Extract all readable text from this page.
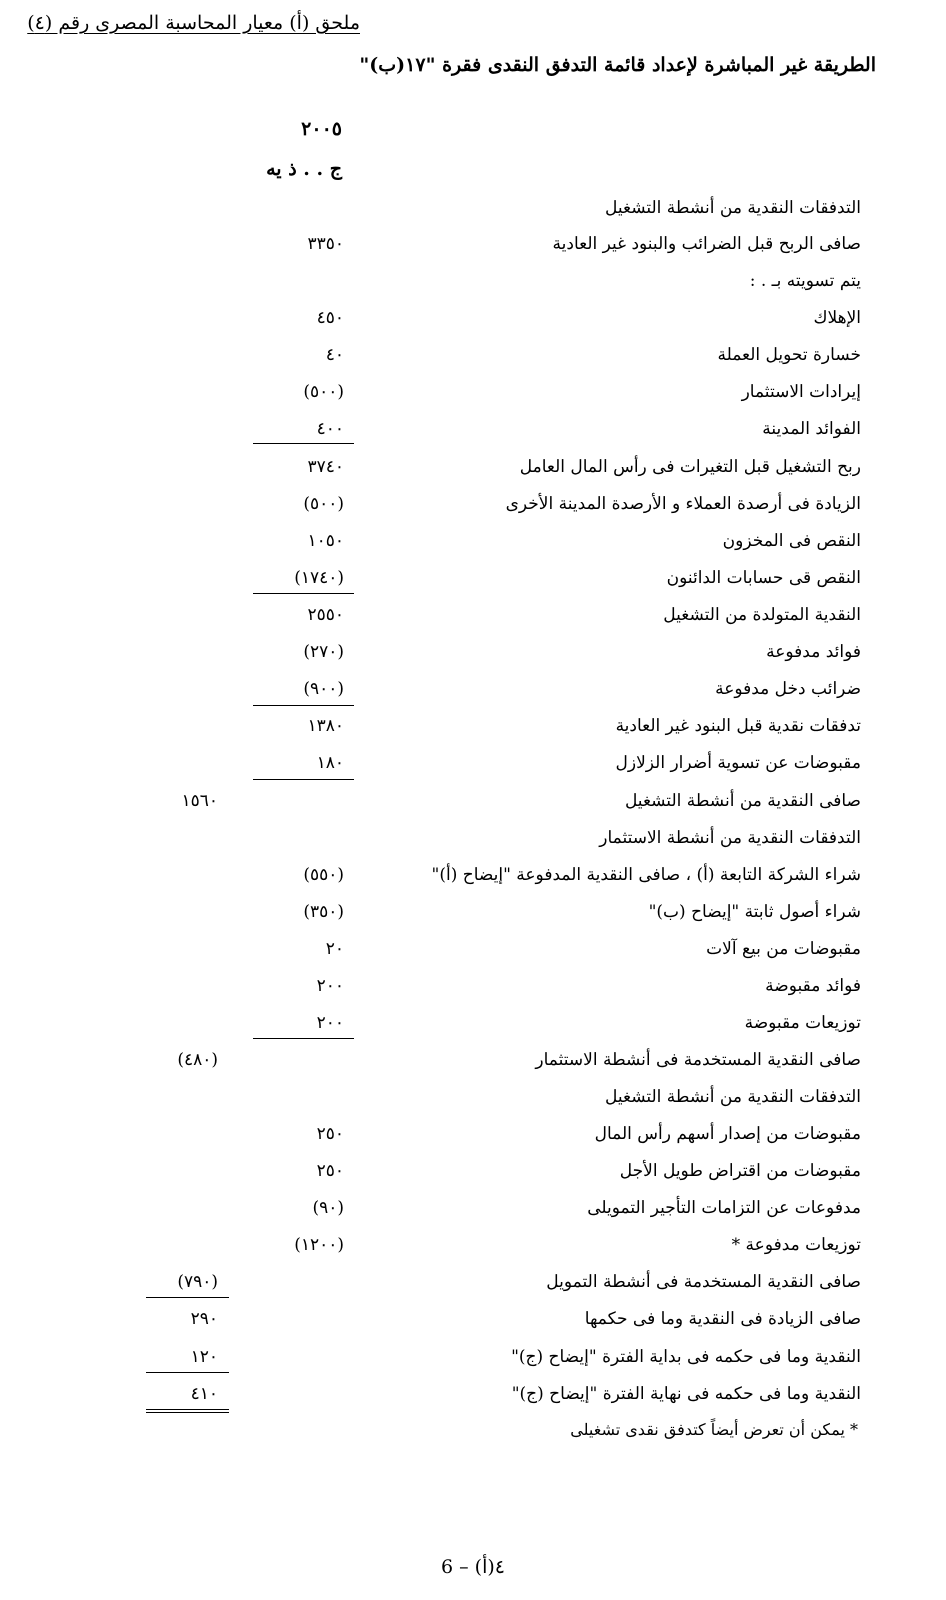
ملحق (أ) معيار المحاسبة المصرى رقم (٤)
الطريقة غير المباشرة لإعداد قائمة التدفق النقدى فقرة "١٧(ب)"
٢٠٠٥
ج . . ذ يه
التدفقات النقدية من أنشطة التشغيل
صافى الربح قبل الضرائب والبنود غير العادية
٣٣٥٠
يتم تسويته بـ . :
الإهلاك
٤٥٠
خسارة تحويل العملة
٤٠
إيرادات الاستثمار
(٥٠٠)
الفوائد المدينة
٤٠٠
ربح التشغيل قبل التغيرات فى رأس المال العامل
٣٧٤٠
الزيادة فى أرصدة العملاء و الأرصدة المدينة الأخرى
(٥٠٠)
النقص فى المخزون
١٠٥٠
النقص قى حسابات الدائنون
(١٧٤٠)
النقدية المتولدة من التشغيل
٢٥٥٠
فوائد مدفوعة
(٢٧٠)
ضرائب دخل مدفوعة
(٩٠٠)
تدفقات نقدية قبل البنود غير العادية
١٣٨٠
مقبوضات عن تسوية أضرار الزلازل
١٨٠
صافى النقدية من أنشطة التشغيل
١٥٦٠
التدفقات النقدية من أنشطة الاستثمار
شراء الشركة التابعة (أ) ، صافى النقدية المدفوعة "إيضاح (أ)"
(٥٥٠)
شراء أصول ثابتة "إيضاح (ب)"
(٣٥٠)
مقبوضات من بيع آلات
٢٠
فوائد مقبوضة
٢٠٠
توزيعات مقبوضة
٢٠٠
صافى النقدية المستخدمة فى أنشطة الاستثمار
(٤٨٠)
التدفقات النقدية من أنشطة التشغيل
مقبوضات من إصدار أسهم رأس المال
٢٥٠
مقبوضات من اقتراض طويل الأجل
٢٥٠
مدفوعات عن التزامات التأجير التمويلى
(٩٠)
توزيعات مدفوعة *
(١٢٠٠)
صافى النقدية المستخدمة فى أنشطة التمويل
(٧٩٠)
صافى الزيادة فى النقدية وما فى حكمها
٢٩٠
النقدية وما فى حكمه فى بداية الفترة "إيضاح (ج)"
١٢٠
النقدية وما فى حكمه فى نهاية الفترة "إيضاح (ج)"
٤١٠
* يمكن أن تعرض أيضاً كتدفق نقدى تشغيلى
٤(أ) – 6
